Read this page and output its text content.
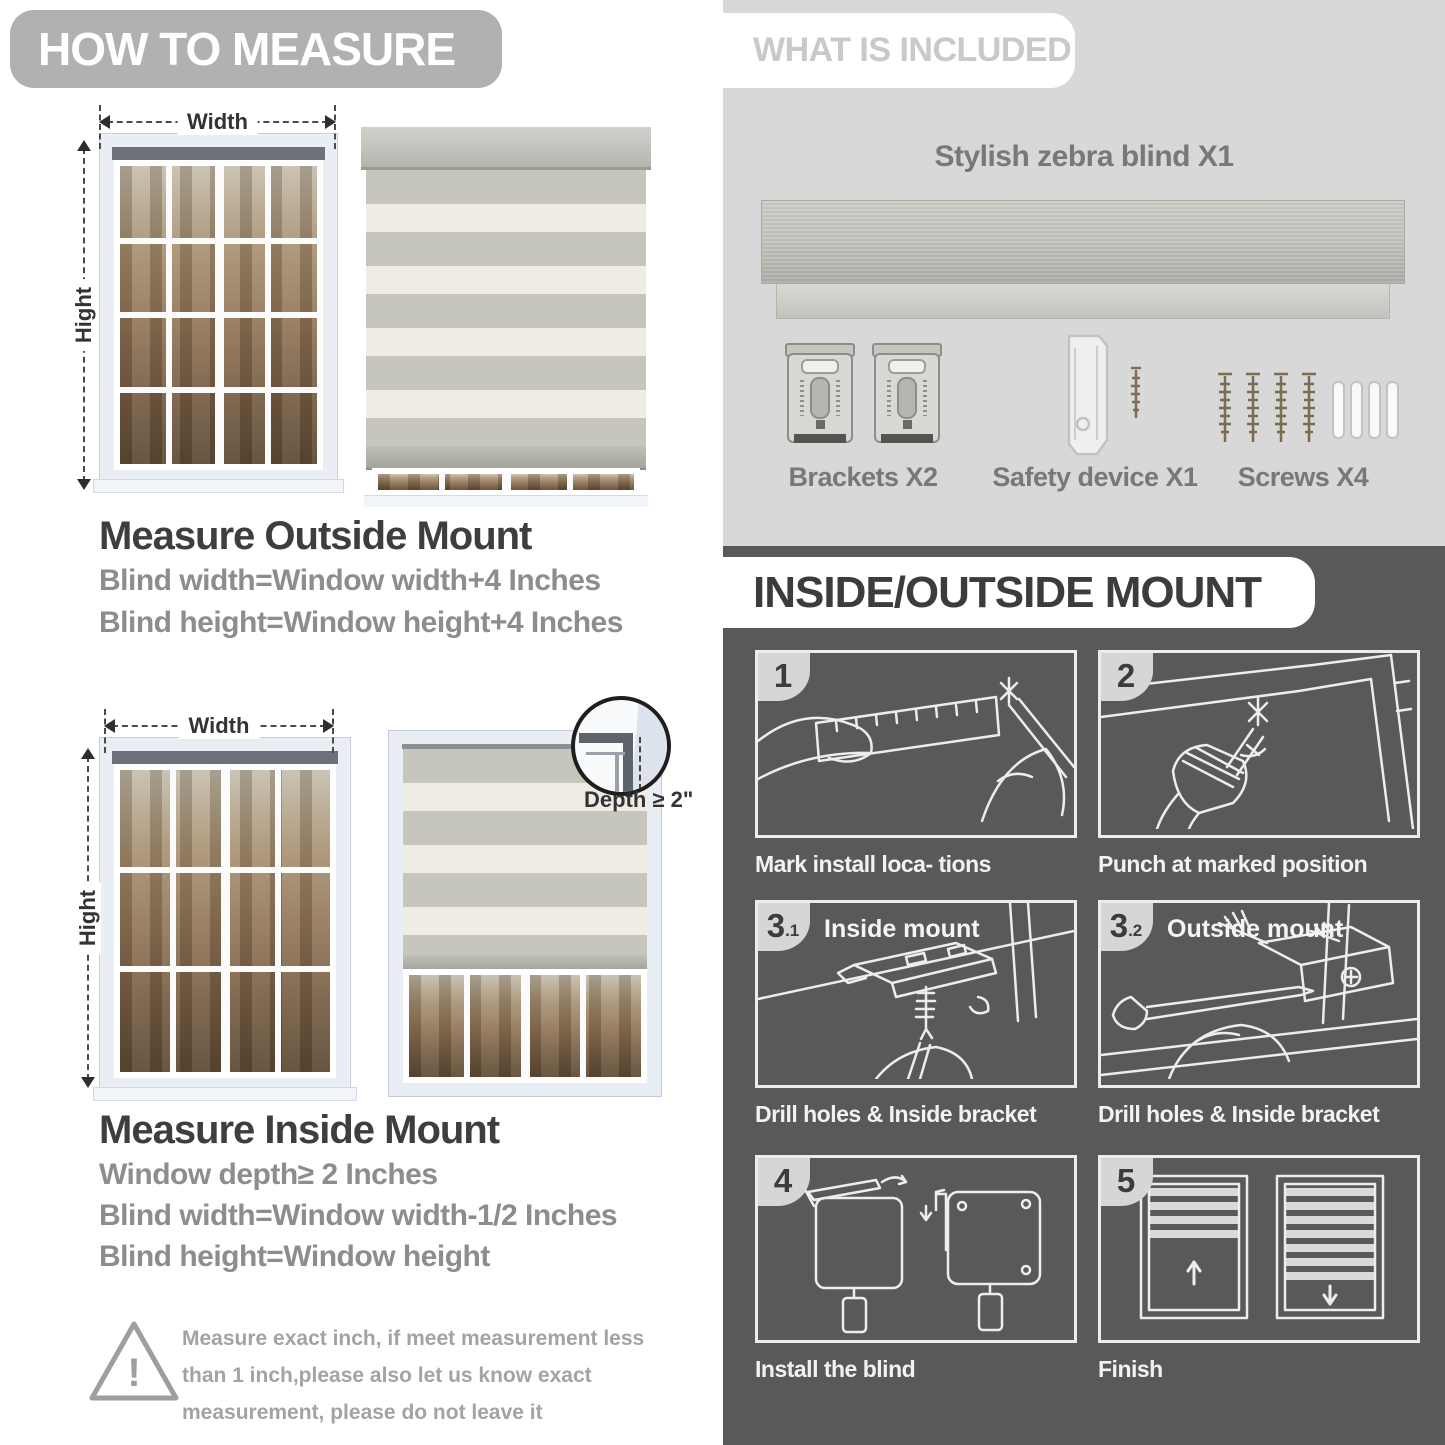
HOW TO MEASURE
Width
Hight
Measure Outside Mount
Blind width=Window width+4 Inches
Blind height=Window height+4 Inches
Width
Hight
Depth ≥ 2"
Measure Inside Mount
Window depth≥ 2 Inches
Blind width=Window width-1/2 Inches
Blind height=Window height
!
Measure exact inch, if meet measurement less than 1 inch,please also let us know exact measurement, please do not leave it
WHAT IS INCLUDED
Stylish zebra blind X1
Brackets X2	Safety device X1	Screws X4
INSIDE/OUTSIDE MOUNT
1
Mark install loca- tions
2
Punch at marked position
3 .1 Inside mount
Drill holes & Inside bracket
3 .2 Outside mount
Drill holes & Inside bracket
4
Install the blind
5
Finish
